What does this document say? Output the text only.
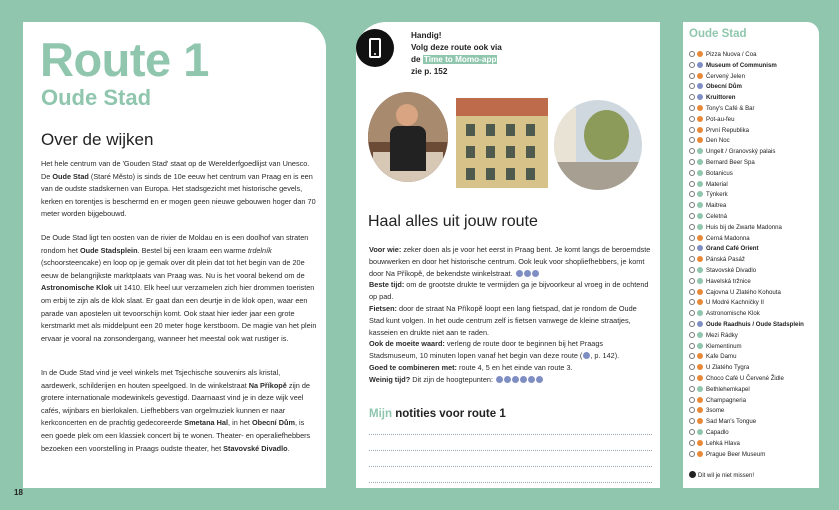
Route 1
Oude Stad
Over de wijken
Het hele centrum van de 'Gouden Stad' staat op de Werelderfgoedlijst van Unesco. De Oude Stad (Staré Město) is sinds de 10e eeuw het centrum van Praag en is een van de oudste stadskernen van Europa. Het stadsgezicht met historische gevels, kerken en torentjes is beschermd en er mogen geen nieuwe gebouwen hoger dan 70 meter worden bijgebouwd.
De Oude Stad ligt ten oosten van de rivier de Moldau en is een doolhof van straten rondom het Oude Stadsplein. Bestel bij een kraam een warme trdelník (schoorsteencake) en loop op je gemak over dit plein dat tot het begin van de 20e eeuw de belangrijkste marktplaats van Praag was. Nu is het vooral bekend om de Astronomische Klok uit 1410. Elk heel uur verzamelen zich hier drommen toeristen om erbij te zijn als de klok slaat. Er gaat dan een deurtje in de klok open, waar een parade van apostelen uit tevoorschijn komt. Ook staat hier ieder jaar een grote kerstmarkt met als middelpunt een 20 meter hoge kerstboom. De magie van het plein ervaar je vooral na zonsondergang, wanneer het meestal ook wat rustiger is.
In de Oude Stad vind je veel winkels met Tsjechische souvenirs als kristal, aardewerk, schilderijen en houten speelgoed. In de winkelstraat Na Příkopě zijn de grotere internationale modewinkels gevestigd. Daarnaast vind je in deze wijk veel cafés, wijnbars en bierlokalen. Liefhebbers van orgelmuziek kunnen er naar kerkconcerten en de prachtig gedecoreerde Smetana Hal, in het Obecní Dům, is een goede plek om een klassiek concert bij te wonen. Theater- en operaliefhebbers bezoeken een voorstelling in Praags oudste theater, het Stavovské Divadlo.
18
Handig!
Volg deze route ook via
de Time to Momo-app
zie p. 152
Haal alles uit jouw route
Voor wie: zeker doen als je voor het eerst in Praag bent. Je komt langs de beroemdste bouwwerken en door het historische centrum. Ook leuk voor shopliefhebbers, je komt door Na Příkopě, de bekendste winkelstraat.
Beste tijd: om de grootste drukte te vermijden ga je bijvoorkeur al vroeg in de ochtend op pad.
Fietsen: door de straat Na Příkopě loopt een lang fietspad, dat je rondom de Oude Stad kunt volgen. In het oude centrum zelf is fietsen vanwege de kleine straatjes, kasseien en drukte niet aan te raden.
Ook de moeite waard: verleng de route door te beginnen bij het Praags Stadsmuseum, 10 minuten lopen vanaf het begin van deze route ( , p. 142).
Goed te combineren met: route 4, 5 en het einde van route 3.
Weinig tijd? Dit zijn de hoogtepunten:
Mijn notities voor route 1
Oude Stad
Pizza Nuova / Coa
Museum of Communism
Červený Jelen
Obecní Dům
Kruittoren
Tony's Café & Bar
Pot-au-feu
První Republika
Den Noc
Ungelt / Granovský palais
Bernard Beer Spa
Botanicus
Material
Týnkerk
Maitrea
Celetná
Huis bij de Zwarte Madonna
Cerná Madonna
Grand Café Orient
Pánská Pasáž
Stavovské Divadlo
Havelská tržnice
Cajovna U Zlatého Kohouta
U Modré Kachničky II
Astronomische Klok
Oude Raadhuis / Oude Stadsplein
Mezi Rádky
Klementinum
Kafe Damu
U Zlatého Tygra
Choco Café U Červené Židle
Bethlehemkapel
Champagneria
3some
Sad Man's Tongue
Capadlo
Lehká Hlava
Prague Beer Museum
Dit wil je niet missen!
